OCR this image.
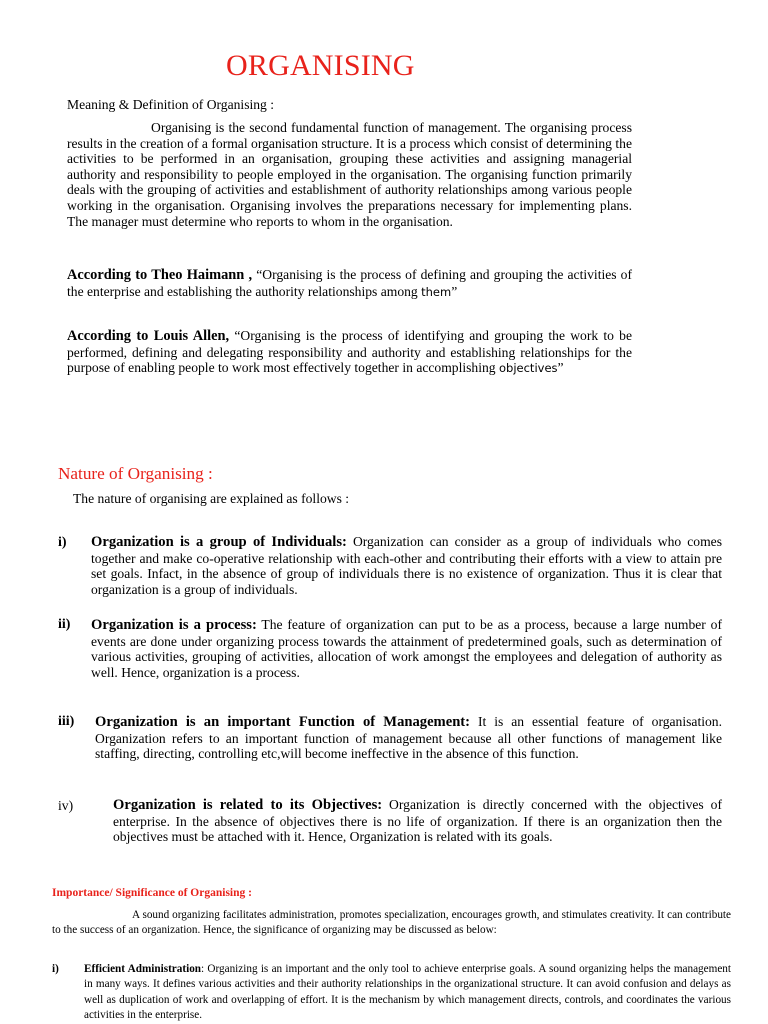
ORGANISING
Meaning & Definition of Organising :
Organising is the second fundamental function of management. The organising process results in the creation of a formal organisation structure. It is a process which consist of determining the activities to be performed in an organisation, grouping these activities and assigning managerial authority and responsibility to people employed in the organisation. The organising function primarily deals with the grouping of activities and establishment of authority relationships among various people working in the organisation. Organising involves the preparations necessary for implementing plans. The manager must determine who reports to whom in the organisation.
According to Theo Haimann , “Organising is the process of defining and grouping the activities of the enterprise and establishing the authority relationships among them”
According to Louis Allen, “Organising is the process of identifying and grouping the work to be performed, defining and delegating responsibility and authority and establishing relationships for the purpose of enabling people to work most effectively together in accomplishing objectives”
Nature of Organising :
The nature of organising are explained as follows :
i) Organization is a group of Individuals: Organization can consider as a group of individuals who comes together and make co-operative relationship with each-other and contributing their efforts with a view to attain pre set goals. Infact, in the absence of group of individuals there is no existence of organization. Thus it is clear that organization is a group of individuals.
ii) Organization is a process: The feature of organization can put to be as a process, because a large number of events are done under organizing process towards the attainment of predetermined goals, such as determination of various activities, grouping of activities, allocation of work amongst the employees and delegation of authority as well. Hence, organization is a process.
iii) Organization is an important Function of Management: It is an essential feature of organisation. Organization refers to an important function of management because all other functions of management like staffing, directing, controlling etc,will become ineffective in the absence of this function.
iv)	Organization is related to its Objectives: Organization is directly concerned with the objectives of enterprise. In the absence of objectives there is no life of organization. If there is an organization then the objectives must be attached with it. Hence, Organization is related with its goals.
Importance/ Significance of Organising :
A sound organizing facilitates administration, promotes specialization, encourages growth, and stimulates creativity. It can contribute to the success of an organization. Hence, the significance of organizing may be discussed as below:
i) Efficient Administration: Organizing is an important and the only tool to achieve enterprise goals. A sound organizing helps the management in many ways. It defines various activities and their authority relationships in the organizational structure. It can avoid confusion and delays as well as duplication of work and overlapping of effort. It is the mechanism by which management directs, controls, and coordinates the various activities in the enterprise.
